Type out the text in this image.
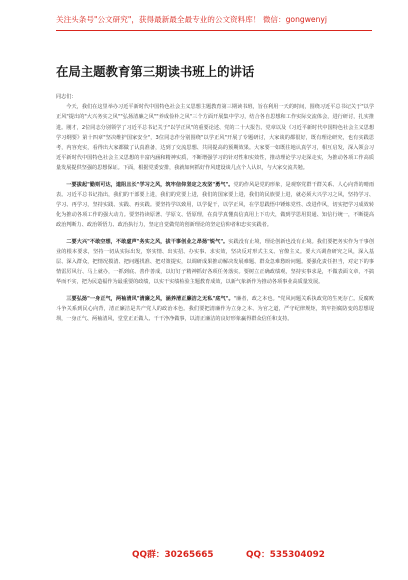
关注头条号"公文研究"，获得最新最全最专业的公文资料库！ 微信：gongwenyj
在局主题教育第三期读书班上的讲话

同志们：

今天，我们在这里举办习近平新时代中国特色社会主义思想主题教育第三期读书班，旨在利用一天的时间，围绕习近平总书记关于"以学正风"提出的"大兴务实之风""弘扬清廉之风""养成俭朴之风"三个方面开展集中学习，结合各自思想和工作实际交流体会，进行研讨，扎实推进。刚才，2位同志分别领学了习近平总书记关于"以学正风"的重要论述、党的二十大报告、党章以及《习近平新时代中国特色社会主义思想学习纲要》第十四章"坚决维护国家安全"，3位同志作分别围绕"以学正风"开展了专题研讨，大家谈的都很好，既有理论研究，也有实践思考，内容充实，看得出大家都做了认真准备，达到了交流思想、共同提高的预期效果。大家要一如既往地认真学习，相互启发，深入领会习近平新时代中国特色社会主义思想的丰富内涵和精神实质，不断增强学习的针对性和实效性，推动理论学习走深走实，为推动各项工作高质量发展提供坚强的思想保证。下面，根据党委安排，我就如何抓好作风建设谈几点个人认识，与大家交流共勉。

一要拔起"勤则可达，道阻且长"学习之风，筑牢信仰坚定之攻坚"勇气"。党的作风是党的形象，是观察党群干群关系、人心向背的晴雨表。习近平总书记指出，我们的干部要上进，我们的党要上进，我们的国家要上进，我们的民族要上进，就必须大兴学习之风，坚持学习、学习、再学习，坚持实践、实践、再实践。要坚持学以致用，以学促干，以学正风，在学思践悟中锤炼党性、改进作风，切实把学习成效转化为推动各项工作的强大动力。要坚持读原著、学原文、悟原理，在真学真懂真信真用上下功夫，做到学思用贯通、知信行统一，不断提高政治判断力、政治领悟力、政治执行力，坚定自觉做党的创新理论的坚定信仰者和忠实实践者。

二要大兴"不敢空想，不敢虚声"务实之风，拔干事创业之昂扬"锐气"。实践没有止境，理论创新也没有止境。我们要把务实作为干事创业的根本要求，坚持一切从实际出发，察实情、出实招、办实事、求实效，坚决反对形式主义、官僚主义。要大兴调查研究之风，深入基层、深入群众，把情况摸清、把问题找准、把对策提实，以调研成果推动解决发展难题、群众急难愁盼问题。要强化责任担当，对定下的事情雷厉风行、马上就办，一抓到底、善作善成，以钉钉子精神抓好各项任务落实。要树立正确政绩观，坚持实事求是，不做表面文章，不搞华而不实，把为民造福作为最重要的政绩，以实干实绩检验主题教育成效，以新气象新作为推动各项事业高质量发展。

三要弘扬"一身正气，两袖清风"清廉之风，涵养清正廉洁之无私"底气"。"廉者，政之本也。"党风问题关系执政党的生死存亡。反腐败斗争关系到民心向背，清正廉洁是共产党人的政治本色。我们要把清廉作为立身之本、为官之道，严守纪律规矩，筑牢拒腐防变的思想堤坝，一身正气、两袖清风，堂堂正正做人、干干净净做事，以清正廉洁的良好形象赢得群众信任和支持。

QQ群：30265665	QQ：535304092
